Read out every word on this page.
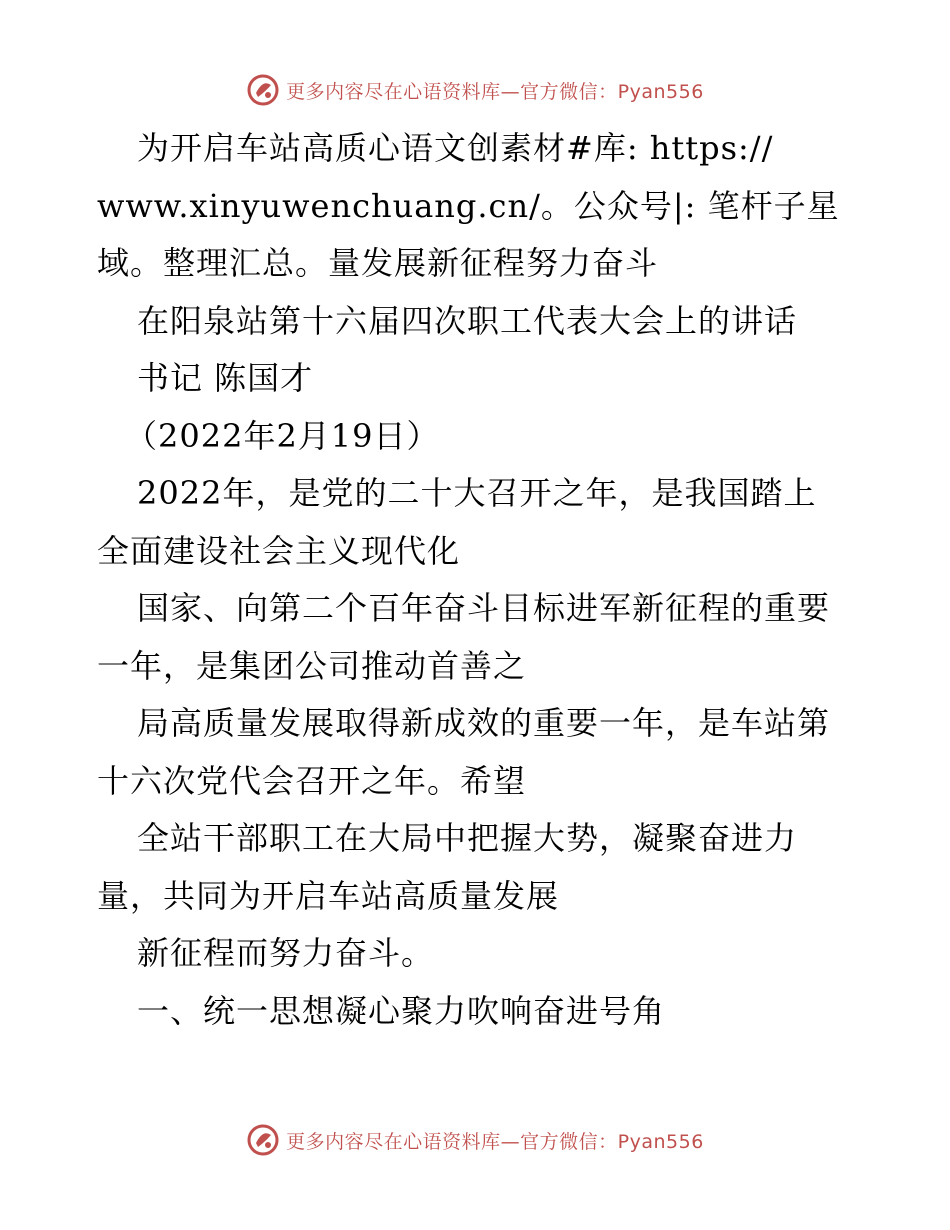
更多内容尽在心语资料库—官方微信：Pyan556
为开启车站高质心语文创素材#库: https://
www.xinyuwenchuang.cn/。公众号|: 笔杆子星
域。整理汇总。量发展新征程努力奋斗
在阳泉站第十六届四次职工代表大会上的讲话
书记 陈国才
（2022年2月19日）
2022年，是党的二十大召开之年，是我国踏上
全面建设社会主义现代化
国家、向第二个百年奋斗目标进军新征程的重要
一年，是集团公司推动首善之
局高质量发展取得新成效的重要一年，是车站第
十六次党代会召开之年。希望
全站干部职工在大局中把握大势，凝聚奋进力
量，共同为开启车站高质量发展
新征程而努力奋斗。
一、统一思想凝心聚力吹响奋进号角
更多内容尽在心语资料库—官方微信：Pyan556
